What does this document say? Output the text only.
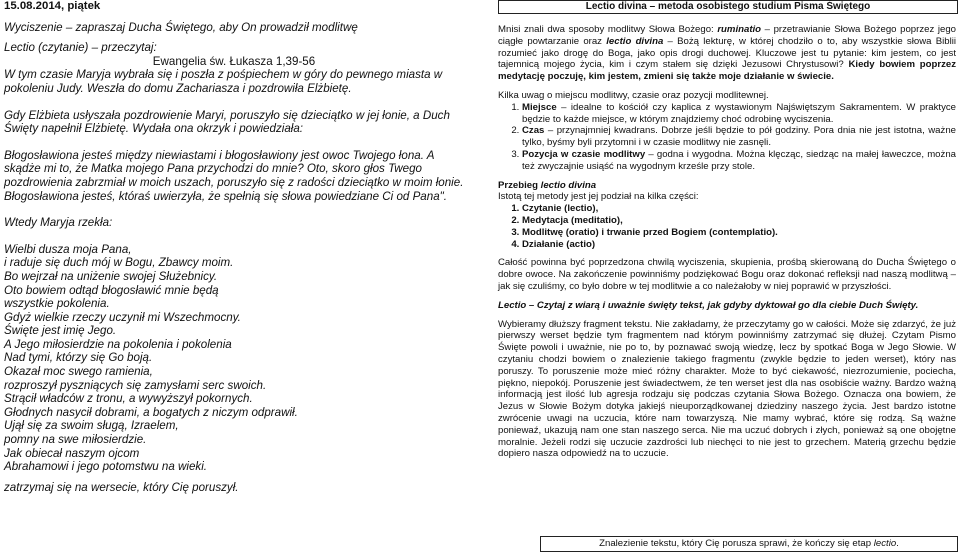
15.08.2014, piątek

Wyciszenie – zapraszaj Ducha Świętego, aby On prowadził modlitwę

Lectio (czytanie) – przeczytaj:

Ewangelia św. Łukasza 1,39-56

W tym czasie Maryja wybrała się i poszła z pośpiechem w góry do pewnego miasta w pokoleniu Judy. Weszła do domu Zachariasza i pozdrowiła Elżbietę.

Gdy Elżbieta usłyszała pozdrowienie Maryi, poruszyło się dzieciątko w jej łonie, a Duch Święty napełnił Elżbietę. Wydała ona okrzyk i powiedziała:

Błogosławiona jesteś między niewiastami i błogosławiony jest owoc Twojego łona. A skądże mi to, że Matka mojego Pana przychodzi do mnie? Oto, skoro głos Twego pozdrowienia zabrzmiał w moich uszach, poruszyło się z radości dzieciątko w moim łonie. Błogosławiona jesteś, któraś uwierzyła, że spełnią się słowa powiedziane Ci od Pana".

Wtedy Maryja rzekła:

Wielbi dusza moja Pana,

i raduje się duch mój w Bogu, Zbawcy moim.

Bo wejrzał na uniżenie swojej Służebnicy.

Oto bowiem odtąd błogosławić mnie będą

wszystkie pokolenia.

Gdyż wielkie rzeczy uczynił mi Wszechmocny.

Święte jest imię Jego.

A Jego miłosierdzie na pokolenia i pokolenia

Nad tymi, którzy się Go boją.

Okazał moc swego ramienia,

rozproszył pyszniących się zamysłami serc swoich.

Strącił władców z tronu, a wywyższył pokornych.

Głodnych nasycił dobrami, a bogatych z niczym odprawił.

Ujął się za swoim sługą, Izraelem,

pomny na swe miłosierdzie.

Jak obiecał naszym ojcom

Abrahamowi i jego potomstwu na wieki.

zatrzymaj się na wersecie, który Cię poruszył.

Lectio divina – metoda osobistego studium Pisma Świętego

Mnisi znali dwa sposoby modlitwy Słowa Bożego: ruminatio – przetrawianie Słowa Bożego poprzez jego ciągłe powtarzanie oraz lectio divina – Bożą lekturę, w której chodziło o to, aby wszystkie słowa Biblii rozumieć jako drogę do Boga, jako opis drogi duchowej. Kluczowe jest tu pytanie: kim jestem, co jest tajemnicą mojego życia, kim i czym stałem się dzięki Jezusowi Chrystusowi? Kiedy bowiem poprzez medytację poczuję, kim jestem, zmieni się także moje działanie w świecie.

Kilka uwag o miejscu modlitwy, czasie oraz pozycji modlitewnej.

1. Miejsce – idealne to kościół czy kaplica z wystawionym Najświętszym Sakramentem. W praktyce będzie to każde miejsce, w którym znajdziemy choć odrobinę wyciszenia.
2. Czas – przynajmniej kwadrans. Dobrze jeśli będzie to pół godziny. Pora dnia nie jest istotna, ważne tylko, byśmy byli przytomni i w czasie modlitwy nie zasnęli.
3. Pozycja w czasie modlitwy – godna i wygodna. Można klęcząc, siedząc na małej ławeczce, można też zwyczajnie usiąść na wygodnym krześle przy stole.

Przebieg lectio divina

Istotą tej metody jest jej podział na kilka części:

1. Czytanie (lectio),
2. Medytacja (meditatio),
3. Modlitwę (oratio) i trwanie przed Bogiem (contemplatio).
4. Działanie (actio)

Całość powinna być poprzedzona chwilą wyciszenia, skupienia, prośbą skierowaną do Ducha Świętego o dobre owoce. Na zakończenie powinniśmy podziękować Bogu oraz dokonać refleksji nad naszą modlitwą – jak się czuliśmy, co było dobre w tej modlitwie a co należałoby w niej poprawić w przyszłości.

Lectio – Czytaj z wiarą i uważnie święty tekst, jak gdyby dyktował go dla ciebie Duch Święty.

Wybieramy dłuższy fragment tekstu. Nie zakładamy, że przeczytamy go w całości. Może się zdarzyć, że już pierwszy werset będzie tym fragmentem nad którym powinniśmy zatrzymać się dłużej. Czytam Pismo Święte powoli i uważnie, nie po to, by poznawać swoją wiedzę, lecz by spotkać Boga w Jego Słowie. W czytaniu chodzi bowiem o znalezienie takiego fragmentu (zwykle będzie to jeden werset), który nas poruszy. To poruszenie może mieć różny charakter. Może to być ciekawość, niezrozumienie, pociecha, piękno, niepokój. Poruszenie jest świadectwem, że ten werset jest dla nas osobiście ważny. Bardzo ważną informacją jest ilość lub agresja rodzaju się podczas czytania Słowa Bożego. Oznacza ona bowiem, że Jezus w Słowie Bożym dotyka jakiejś nieuporządkowanej dziedziny naszego życia. Jest bardzo istotne zwrócenie uwagi na uczucia, które nam towarzyszą. Nie mamy wybrać, które się rodzą. Są ważne poniewaź, ukazują nam one stan naszego serca. Nie ma uczuć dobrych i złych, ponieważ są one obojętne moralnie. Jeżeli rodzi się uczucie zazdrości lub niechęci to nie jest to grzechem. Materią grzechu będzie dopiero nasza odpowiedź na to uczucie.

Znalezienie tekstu, który Cię porusza sprawi, że kończy się etap lectio.
